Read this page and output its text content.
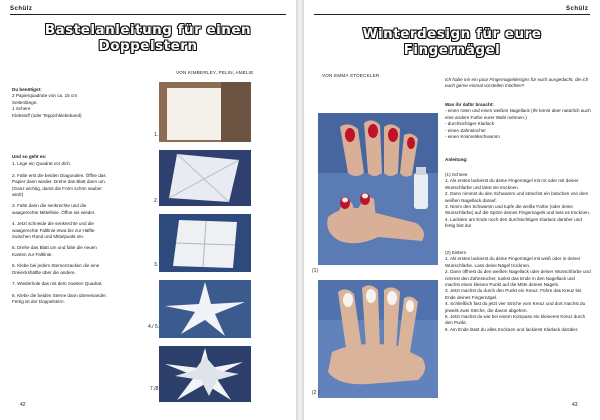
Schülz
Bastelanleitung für einen
Doppelstern
VON KIMBERLEY, PELIN, AMELIE

Du benötigst:

2 Papierquadrate von ca. 15 cm

Seitenlänge.

1 Schere

Klebstoff (oder Teppichklebeband)

Und so geht es:

1. Lege ein Quadrat vor dich.

2. Falte erst die beiden Diagonalen. Öffne das Papier dann wieder. Drehe das Blatt dann um. (Ganz wichtig, damit die Form schön sauber wird!)

3. Falte dann die senkrechte und die waagerechte Mittellinie. Öffne sie wieder.

4. Jetzt schneide die senkrechte und die waagerechte Faltlinie etwa bis zur Hälfte zwischen Rand und Mittelpunkt ein.

5. Drehe das Blatt um und falte die neuen Kanten zur Faltlinie.

6. Klebe bei jedem Sternenzacken die eine Dreieckshälfte über die andere.

7. Wiederhole das mit dem zweiten Quadrat.

8. Klebe die beiden Sterne dann übereinander. Fertig ist der Doppelstern.

1.
2.
3.
4./ 5.
7./8.
42
Schülz
Winterdesign für eure
Fingernägel
VON EMMA STOECKLER
(1)
(2 )
Ich habe mir ein paar Fingernageldesigns für euch ausgedacht, die ich euch gerne einmal vorstellen möchte!!!

Was ihr dafür braucht:

- einen roten und einen weißen Nagellack (Ihr könnt aber natürlich auch eine andere Farbe eurer Wahl nehmen.)

- durchsichtiger Klarlack

- einen Zahnstocher

- einen Kosmetikschwamm

Anleitung:

(1) Schnee

1. Als erstes lackierst du deine Fingernägel mit rot oder mit deiner Wunschfarbe und lässt sie trocknen.

2. Dann nimmst du den Schwamm und streichst ein bisschen von dem weißen Nagellack darauf.

3. Nimm den Schwamm und tupfe die weiße Farbe (oder deine Wunschfarbe) auf die Spitze deines Fingernagels und lass es trocknen.

4. Lackiere am Ende noch den durchsichtigen Klarlack darüber und fertig bist du!

(2) Eistern

1. Als erstes lackierst du deine Fingernägel mit weiß oder in deiner Wunschfarbe. Lass deine Nägel trocknen.

2. Dann öffnest du den weißen Nagellack oder deiner Wunschfarbe und nimmst den Zahnstocher, tunkst das Ende in den Nagellack und machst einen kleinen Punkt auf die Mitte deines Nagels.

3. Jetzt machst du durch den Punkt ein Kreuz. Führe das Kreuz bis Ende deines Fingernägel.

4. Schließlich fast du jetzt vier Striche vom Kreuz und dort machst du jeweils zwei Striche, die davon abgehen.

5. Jetzt machst du wie bei einem Kompass ein kleineres Kreuz durch den Punkt.

6. Am Ende lässt du alles trocknen und lackierst Klarlack darüber.

43
